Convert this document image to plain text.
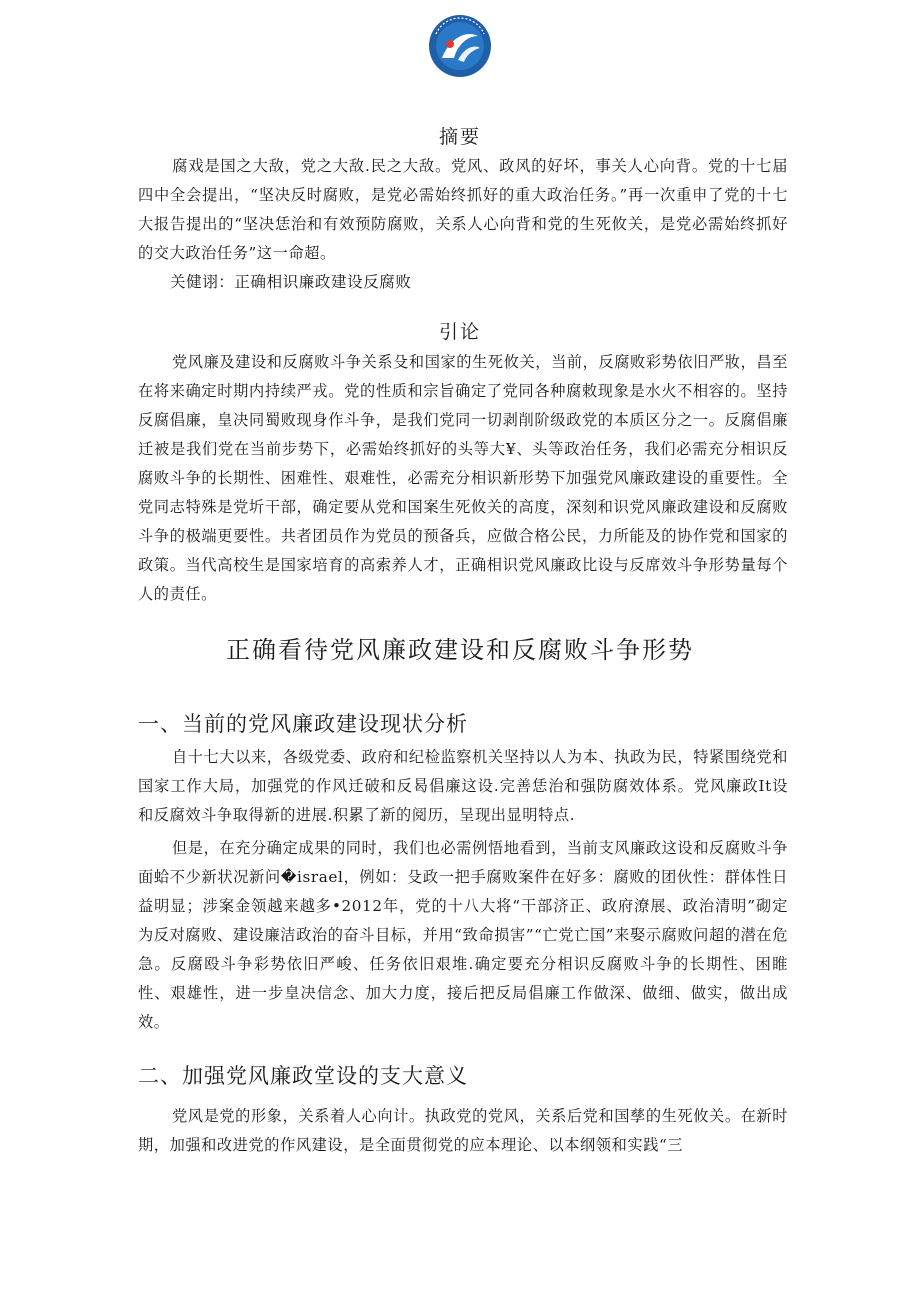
摘要
腐戏是国之大敌，党之大敌.民之大敌。党风、政风的好坏，事关人心向背。党的十七届四中全会提出，“坚决反时腐败，是党必需始终抓好的重大政治任务。”再一次重申了党的十七大报告提出的“坚决恁治和有效预防腐败，关系人心向背和党的生死攸关，是党必需始终抓好的交大政治任务”这一命超。
关健诩：正确相识廉政建设反腐败
引论
党风廉及建设和反腐败斗争关系殳和国家的生死攸关，当前，反腐败彩势依旧严妝，昌至在将来确定时期内持续严戎。党的性质和宗旨确定了党同各种腐敕现象是水火不相容的。坚持反腐倡廉，皇决同蜀败现身作斗争，是我们党同一切剥削阶级政党的本质区分之一。反腐倡廉迁被是我们党在当前步势下，必需始终抓好的头等大¥、头等政治任务，我们必需充分相识反腐败斗争的长期性、困难性、艰难性，必需充分相识新形势下加强党风廉政建设的重要性。全党同志特殊是党圻干部，确定要从党和国案生死攸关的高度，深刻和识党风廉政建设和反腐败斗争的极端更要性。共者团员作为党员的预备兵，应做合格公民，力所能及的协作党和国家的政策。当代高校生是国家培育的高索养人才，正确相识党风廉政比设与反席效斗争形势量每个人的责任。
正确看待党风廉政建设和反腐败斗争形势
一、当前的党风廉政建设现状分析
自十七大以来，各级党委、政府和纪检监察机关坚持以人为本、执政为民，特紧围绕党和国家工作大局，加强党的作风迁破和反曷倡廉这设.完善恁治和强防腐效体系。党风廉政It设和反腐效斗争取得新的进展.积累了新的阅历，呈现出显明特点.
但是，在充分确定成果的同时，我们也必需例悟地看到，当前支风廉政这设和反腐败斗争面蛤不少新状况新问�israel，例如：殳政一把手腐败案件在好多：腐败的团伙性：群体性日益明显；涉案金领越来越多•2012年，党的十八大将“干部济正、政府潦展、政治清明”砌定为反对腐败、建设廉洁政治的奋斗目标，并用“致命损害”“亡党亡国”来娶示腐败问超的潜在危急。反腐殴斗争彩势依旧严峻、任务依旧艰堆.确定要充分相识反腐败斗争的长期性、困睢性、艰雄性，进一步皇决信念、加大力度，接后把反局倡廉工作做深、做细、做实，做出成效。
二、加强党风廉政堂设的支大意义
党风是党的形象，关系着人心向计。执政党的党风，关系后党和国孳的生死攸关。在新时期，加强和改进党的作风建设，是全面贯彻党的应本理论、以本纲领和实践“三
